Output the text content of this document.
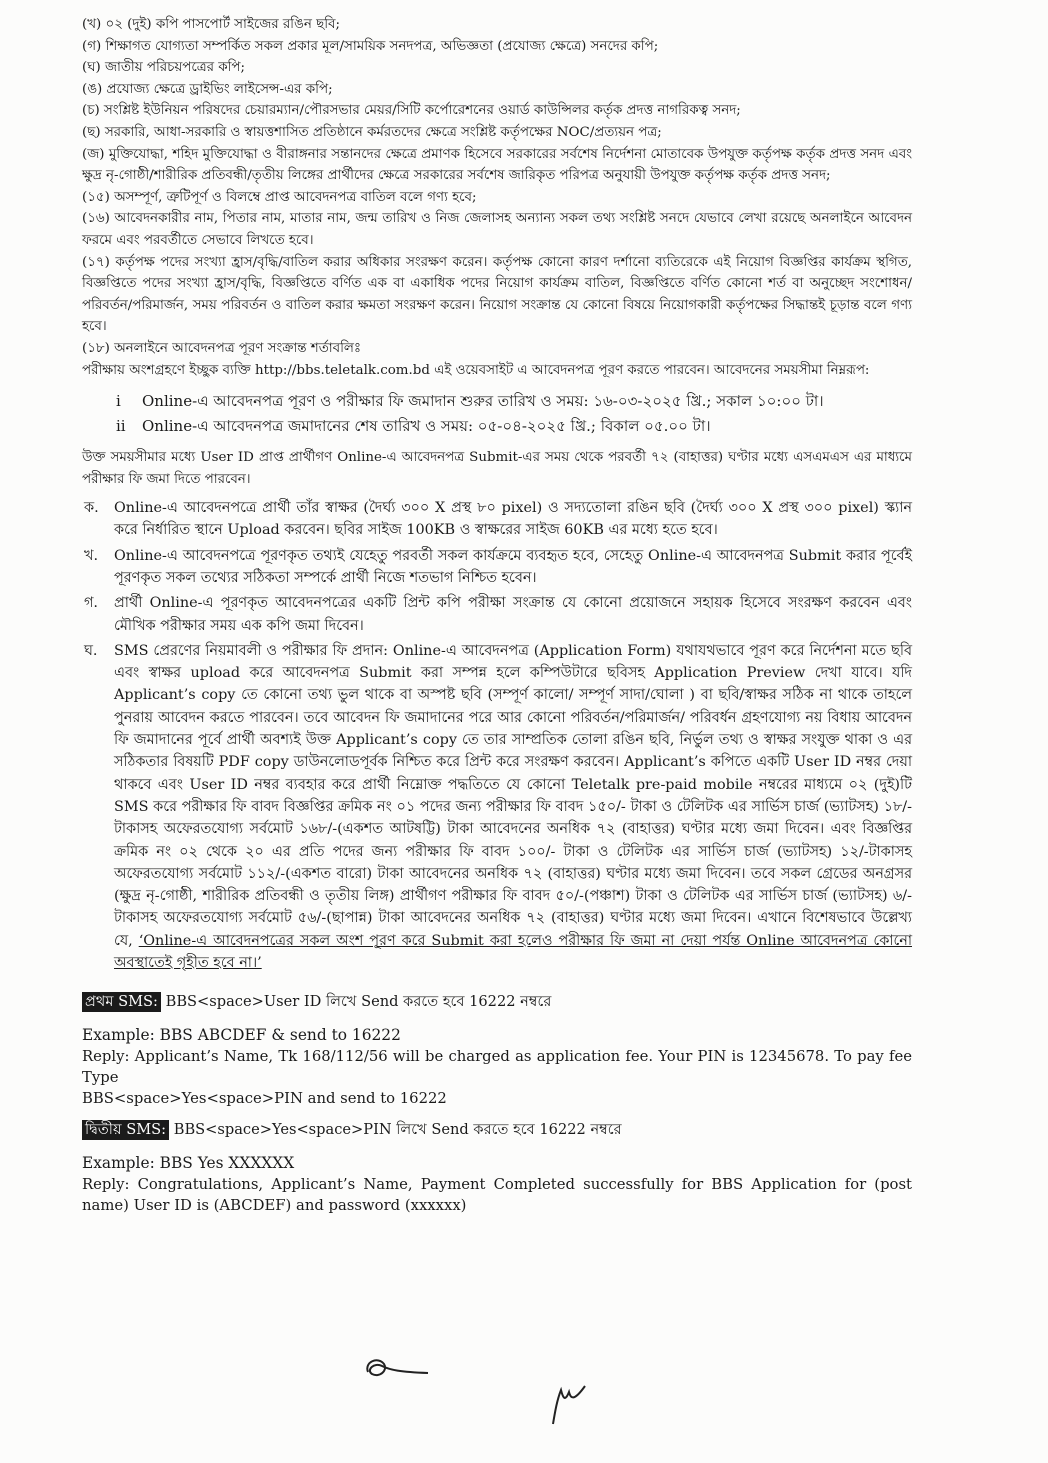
(খ) ০২ (দুই) কপি পাসপোর্ট সাইজের রঙিন ছবি;

(গ) শিক্ষাগত যোগ্যতা সম্পর্কিত সকল প্রকার মূল/সাময়িক সনদপত্র, অভিজ্ঞতা (প্রযোজ্য ক্ষেত্রে) সনদের কপি;

(ঘ) জাতীয় পরিচয়পত্রের কপি;

(ঙ) প্রযোজ্য ক্ষেত্রে ড্রাইভিং লাইসেন্স-এর কপি;

(চ) সংশ্লিষ্ট ইউনিয়ন পরিষদের চেয়ারম্যান/পৌরসভার মেয়র/সিটি কর্পোরেশনের ওয়ার্ড কাউন্সিলর কর্তৃক প্রদত্ত নাগরিকত্ব সনদ;

(ছ) সরকারি, আধা-সরকারি ও স্বায়ত্তশাসিত প্রতিষ্ঠানে কর্মরতদের ক্ষেত্রে সংশ্লিষ্ট কর্তৃপক্ষের NOC/প্রত্যয়ন পত্র;

(জ) মুক্তিযোদ্ধা, শহিদ মুক্তিযোদ্ধা ও বীরাঙ্গনার সন্তানদের ক্ষেত্রে প্রমাণক হিসেবে সরকারের সর্বশেষ নির্দেশনা মোতাবেক উপযুক্ত কর্তৃপক্ষ কর্তৃক প্রদত্ত সনদ এবং ক্ষুদ্র নৃ-গোষ্ঠী/শারীরিক প্রতিবন্ধী/তৃতীয় লিঙ্গের প্রার্থীদের ক্ষেত্রে সরকারের সর্বশেষ জারিকৃত পরিপত্র অনুযায়ী উপযুক্ত কর্তৃপক্ষ কর্তৃক প্রদত্ত সনদ;

(১৫) অসম্পূর্ণ, ত্রুটিপূর্ণ ও বিলম্বে প্রাপ্ত আবেদনপত্র বাতিল বলে গণ্য হবে;

(১৬) আবেদনকারীর নাম, পিতার নাম, মাতার নাম, জন্ম তারিখ ও নিজ জেলাসহ অন্যান্য সকল তথ্য সংশ্লিষ্ট সনদে যেভাবে লেখা রয়েছে অনলাইনে আবেদন ফরমে এবং পরবর্তীতে সেভাবে লিখতে হবে।

(১৭) কর্তৃপক্ষ পদের সংখ্যা হ্রাস/বৃদ্ধি/বাতিল করার অধিকার সংরক্ষণ করেন। কর্তৃপক্ষ কোনো কারণ দর্শানো ব্যতিরেকে এই নিয়োগ বিজ্ঞপ্তির কার্যক্রম স্থগিত, বিজ্ঞপ্তিতে পদের সংখ্যা হ্রাস/বৃদ্ধি, বিজ্ঞপ্তিতে বর্ণিত এক বা একাধিক পদের নিয়োগ কার্যক্রম বাতিল, বিজ্ঞপ্তিতে বর্ণিত কোনো শর্ত বা অনুচ্ছেদ সংশোধন/পরিবর্তন/পরিমার্জন, সময় পরিবর্তন ও বাতিল করার ক্ষমতা সংরক্ষণ করেন। নিয়োগ সংক্রান্ত যে কোনো বিষয়ে নিয়োগকারী কর্তৃপক্ষের সিদ্ধান্তই চূড়ান্ত বলে গণ্য হবে।

(১৮) অনলাইনে আবেদনপত্র পূরণ সংক্রান্ত শর্তাবলিঃ

পরীক্ষায় অংশগ্রহণে ইচ্ছুক ব্যক্তি http://bbs.teletalk.com.bd এই ওয়েবসাইট এ আবেদনপত্র পূরণ করতে পারবেন। আবেদনের সময়সীমা নিম্নরূপ:

i Online-এ আবেদনপত্র পূরণ ও পরীক্ষার ফি জমাদান শুরুর তারিখ ও সময়: ১৬-০৩-২০২৫ খ্রি.; সকাল ১০:০০ টা।

ii Online-এ আবেদনপত্র জমাদানের শেষ তারিখ ও সময়: ০৫-০৪-২০২৫ খ্রি.; বিকাল ০৫.০০ টা।

উক্ত সময়সীমার মধ্যে User ID প্রাপ্ত প্রার্থীগণ Online-এ আবেদনপত্র Submit-এর সময় থেকে পরবর্তী ৭২ (বাহাত্তর) ঘণ্টার মধ্যে এসএমএস এর মাধ্যমে পরীক্ষার ফি জমা দিতে পারবেন।

ক.	Online-এ আবেদনপত্রে প্রার্থী তাঁর স্বাক্ষর (দৈর্ঘ্য ৩০০ X প্রস্থ ৮০ pixel) ও সদ্যতোলা রঙিন ছবি (দৈর্ঘ্য ৩০০ X প্রস্থ ৩০০ pixel) স্ক্যান করে নির্ধারিত স্থানে Upload করবেন। ছবির সাইজ 100KB ও স্বাক্ষরের সাইজ 60KB এর মধ্যে হতে হবে।
খ.	Online-এ আবেদনপত্রে পূরণকৃত তথ্যই যেহেতু পরবর্তী সকল কার্যক্রমে ব্যবহৃত হবে, সেহেতু Online-এ আবেদনপত্র Submit করার পূর্বেই পূরণকৃত সকল তথ্যের সঠিকতা সম্পর্কে প্রার্থী নিজে শতভাগ নিশ্চিত হবেন।
গ.	প্রার্থী Online-এ পূরণকৃত আবেদনপত্রের একটি প্রিন্ট কপি পরীক্ষা সংক্রান্ত যে কোনো প্রয়োজনে সহায়ক হিসেবে সংরক্ষণ করবেন এবং মৌখিক পরীক্ষার সময় এক কপি জমা দিবেন।
ঘ.	SMS প্রেরণের নিয়মাবলী ও পরীক্ষার ফি প্রদান: Online-এ আবেদনপত্র (Application Form) যথাযথভাবে পূরণ করে নির্দেশনা মতে ছবি এবং স্বাক্ষর upload করে আবেদনপত্র Submit করা সম্পন্ন হলে কম্পিউটারে ছবিসহ Application Preview দেখা যাবে। যদি Applicant’s copy তে কোনো তথ্য ভুল থাকে বা অস্পষ্ট ছবি (সম্পূর্ণ কালো/ সম্পূর্ণ সাদা/ঘোলা ) বা ছবি/স্বাক্ষর সঠিক না থাকে তাহলে পুনরায় আবেদন করতে পারবেন। তবে আবেদন ফি জমাদানের পরে আর কোনো পরিবর্তন/পরিমার্জন/ পরিবর্ধন গ্রহণযোগ্য নয় বিধায় আবেদন ফি জমাদানের পূর্বে প্রার্থী অবশ্যই উক্ত Applicant’s copy তে তার সাম্প্রতিক তোলা রঙিন ছবি, নির্ভুল তথ্য ও স্বাক্ষর সংযুক্ত থাকা ও এর সঠিকতার বিষয়টি PDF copy ডাউনলোডপূর্বক নিশ্চিত করে প্রিন্ট করে সংরক্ষণ করবেন। Applicant’s কপিতে একটি User ID নম্বর দেয়া থাকবে এবং User ID নম্বর ব্যবহার করে প্রার্থী নিম্নোক্ত পদ্ধতিতে যে কোনো Teletalk pre-paid mobile নম্বরের মাধ্যমে ০২ (দুই)টি SMS করে পরীক্ষার ফি বাবদ বিজ্ঞপ্তির ক্রমিক নং ০১ পদের জন্য পরীক্ষার ফি বাবদ ১৫০/- টাকা ও টেলিটক এর সার্ভিস চার্জ (ভ্যাটসহ) ১৮/- টাকাসহ অফেরতযোগ্য সর্বমোট ১৬৮/-(একশত আটষট্টি) টাকা আবেদনের অনধিক ৭২ (বাহাত্তর) ঘণ্টার মধ্যে জমা দিবেন। এবং বিজ্ঞপ্তির ক্রমিক নং ০২ থেকে ২০ এর প্রতি পদের জন্য পরীক্ষার ফি বাবদ ১০০/- টাকা ও টেলিটক এর সার্ভিস চার্জ (ভ্যাটসহ) ১২/-টাকাসহ অফেরতযোগ্য সর্বমোট ১১২/-(একশত বারো) টাকা আবেদনের অনধিক ৭২ (বাহাত্তর) ঘণ্টার মধ্যে জমা দিবেন। তবে সকল গ্রেডের অনগ্রসর (ক্ষুদ্র নৃ-গোষ্ঠী, শারীরিক প্রতিবন্ধী ও তৃতীয় লিঙ্গ) প্রার্থীগণ পরীক্ষার ফি বাবদ ৫০/-(পঞ্চাশ) টাকা ও টেলিটক এর সার্ভিস চার্জ (ভ্যাটসহ) ৬/-টাকাসহ অফেরতযোগ্য সর্বমোট ৫৬/-(ছাপান্ন) টাকা আবেদনের অনধিক ৭২ (বাহাত্তর) ঘণ্টার মধ্যে জমা দিবেন। এখানে বিশেষভাবে উল্লেখ্য যে, ‘Online-এ আবেদনপত্রের সকল অংশ পূরণ করে Submit করা হলেও পরীক্ষার ফি জমা না দেয়া পর্যন্ত Online আবেদনপত্র কোনো অবস্থাতেই গৃহীত হবে না।’

প্রথম SMS: BBS<space>User ID লিখে Send করতে হবে 16222 নম্বরে

Example: BBS ABCDEF & send to 16222

Reply: Applicant’s Name, Tk 168/112/56 will be charged as application fee. Your PIN is 12345678. To pay fee Type

BBS<space>Yes<space>PIN and send to 16222

দ্বিতীয় SMS: BBS<space>Yes<space>PIN লিখে Send করতে হবে 16222 নম্বরে

Example: BBS Yes XXXXXX

Reply: Congratulations, Applicant’s Name, Payment Completed successfully for BBS Application for (post name) User ID is (ABCDEF) and password (xxxxxx)
